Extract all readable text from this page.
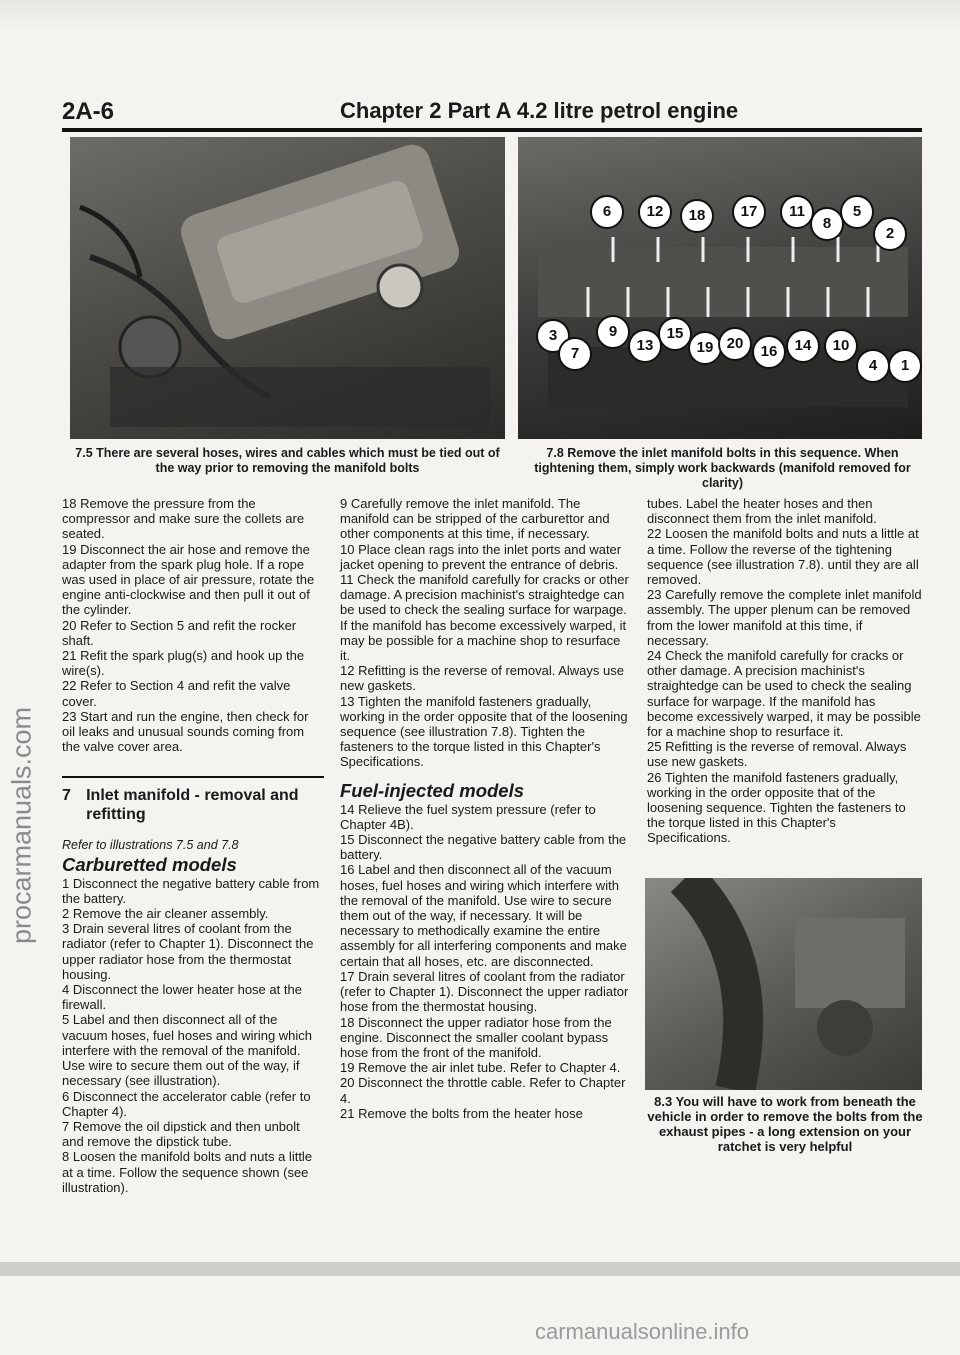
2A-6	Chapter 2 Part A 4.2 litre petrol engine
6	12	18	17	11
8
5
2
3
7
9
13
15
19 20	16	14	10
4	1
7.5 There are several hoses, wires and cables which must be tied out of the way prior to removing the manifold bolts
7.8 Remove the inlet manifold bolts in this sequence. When tightening them, simply work backwards (manifold removed for clarity)

18 Remove the pressure from the compressor and make sure the collets are seated.

19 Disconnect the air hose and remove the adapter from the spark plug hole. If a rope was used in place of air pressure, rotate the engine anti-clockwise and then pull it out of the cylinder.

20 Refer to Section 5 and refit the rocker shaft.

21 Refit the spark plug(s) and hook up the wire(s).

22 Refer to Section 4 and refit the valve cover.

23 Start and run the engine, then check for oil leaks and unusual sounds coming from the valve cover area.

7 Inlet manifold - removal and refitting

Refer to illustrations 7.5 and 7.8

Carburetted models

1 Disconnect the negative battery cable from the battery.

2 Remove the air cleaner assembly.

3 Drain several litres of coolant from the radiator (refer to Chapter 1). Disconnect the upper radiator hose from the thermostat housing.

4 Disconnect the lower heater hose at the firewall.

5 Label and then disconnect all of the vacuum hoses, fuel hoses and wiring which interfere with the removal of the manifold. Use wire to secure them out of the way, if necessary (see illustration).

6 Disconnect the accelerator cable (refer to Chapter 4).

7 Remove the oil dipstick and then unbolt and remove the dipstick tube.

8 Loosen the manifold bolts and nuts a little at a time. Follow the sequence shown (see illustration).

9 Carefully remove the inlet manifold. The manifold can be stripped of the carburettor and other components at this time, if necessary.

10 Place clean rags into the inlet ports and water jacket opening to prevent the entrance of debris.

11 Check the manifold carefully for cracks or other damage. A precision machinist's straightedge can be used to check the sealing surface for warpage. If the manifold has become excessively warped, it may be possible for a machine shop to resurface it.

12 Refitting is the reverse of removal. Always use new gaskets.

13 Tighten the manifold fasteners gradually, working in the order opposite that of the loosening sequence (see illustration 7.8). Tighten the fasteners to the torque listed in this Chapter's Specifications.

Fuel-injected models

14 Relieve the fuel system pressure (refer to Chapter 4B).

15 Disconnect the negative battery cable from the battery.

16 Label and then disconnect all of the vacuum hoses, fuel hoses and wiring which interfere with the removal of the manifold. Use wire to secure them out of the way, if necessary. It will be necessary to methodically examine the entire assembly for all interfering components and make certain that all hoses, etc. are disconnected.

17 Drain several litres of coolant from the radiator (refer to Chapter 1). Disconnect the upper radiator hose from the thermostat housing.

18 Disconnect the upper radiator hose from the engine. Disconnect the smaller coolant bypass hose from the front of the manifold.

19 Remove the air inlet tube. Refer to Chapter 4.

20 Disconnect the throttle cable. Refer to Chapter 4.

21 Remove the bolts from the heater hose

tubes. Label the heater hoses and then disconnect them from the inlet manifold.

22 Loosen the manifold bolts and nuts a little at a time. Follow the reverse of the tightening sequence (see illustration 7.8). until they are all removed.

23 Carefully remove the complete inlet manifold assembly. The upper plenum can be removed from the lower manifold at this time, if necessary.

24 Check the manifold carefully for cracks or other damage. A precision machinist's straightedge can be used to check the sealing surface for warpage. If the manifold has become excessively warped, it may be possible for a machine shop to resurface it.

25 Refitting is the reverse of removal. Always use new gaskets.

26 Tighten the manifold fasteners gradually, working in the order opposite that of the loosening sequence. Tighten the fasteners to the torque listed in this Chapter's Specifications.

8.3 You will have to work from beneath the vehicle in order to remove the bolts from the exhaust pipes - a long extension on your ratchet is very helpful
procarmanuals.com
carmanualsonline.info
